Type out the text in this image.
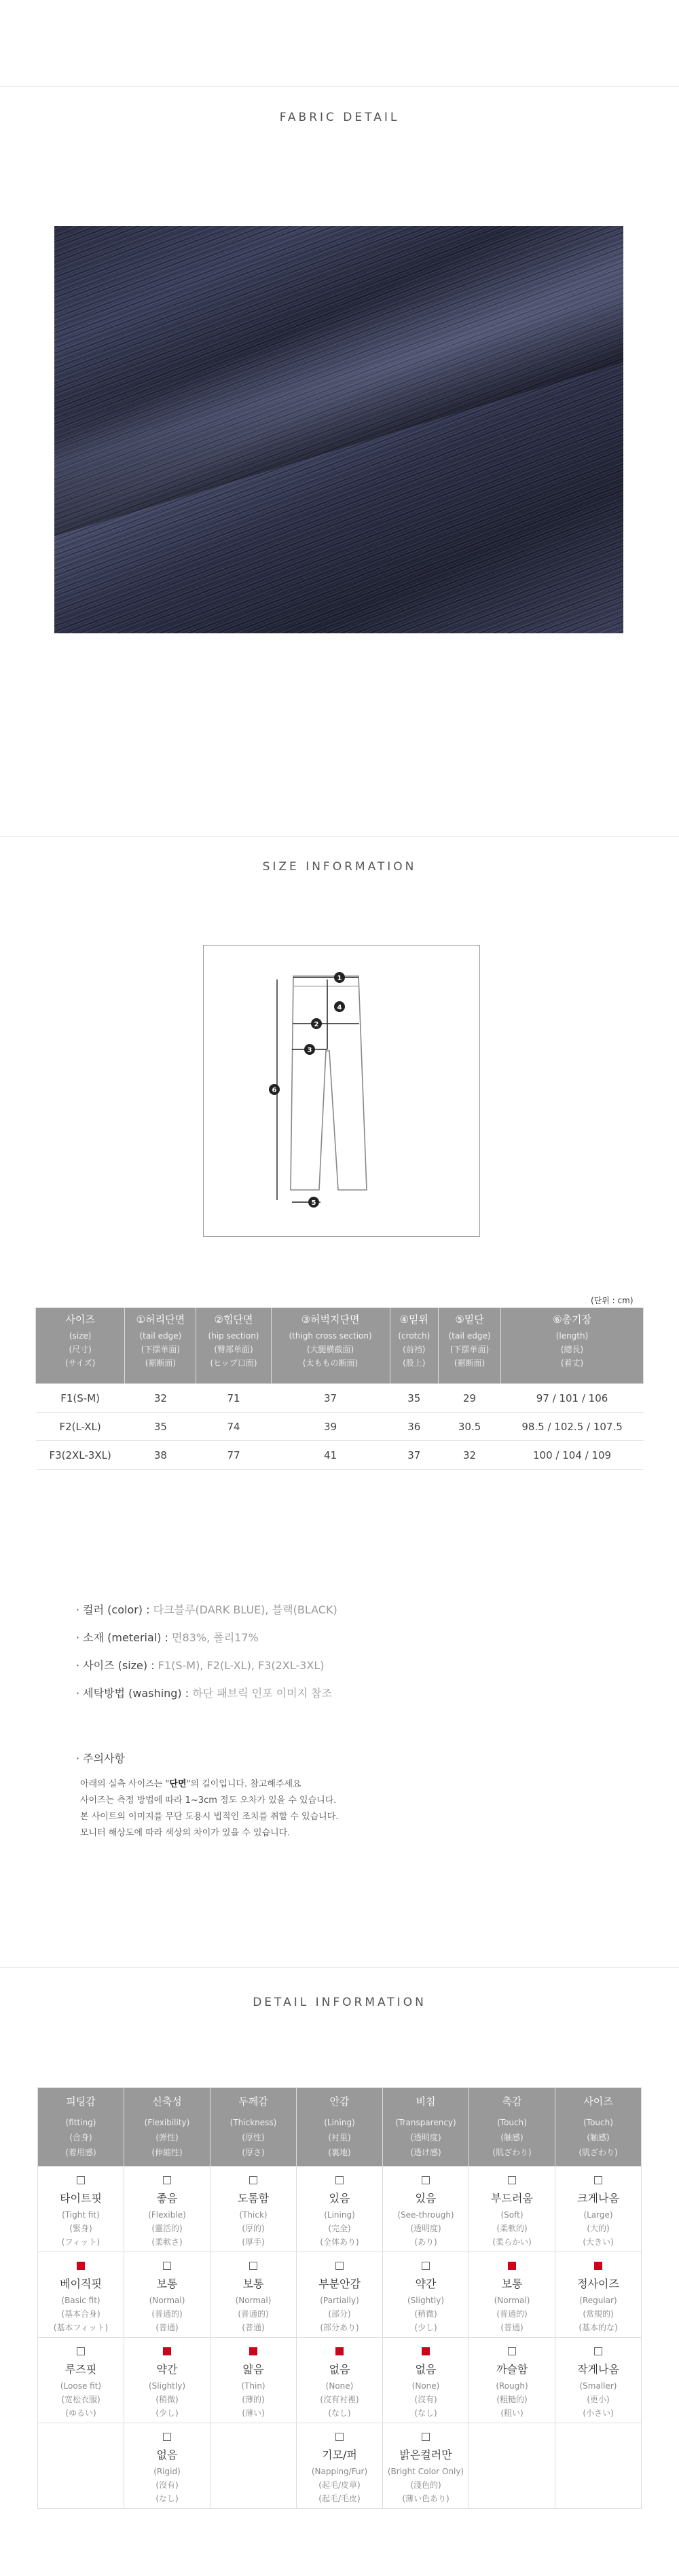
FABRIC DETAIL
SIZE INFORMATION
1
2
3
4
5
6
(단위 : cm)
사이즈
(size)
(尺寸)
(サイズ)	①허리단면
(tail edge)
(下摆单面)
(裾断面)	②힙단면
(hip section)
(臀部单面)
(ヒップ口面)	③허벅지단면
(thigh cross section)
(大腿横截面)
(太ももの断面)	④밑위
(crotch)
(前裆)
(股上)	⑤밑단
(tail edge)
(下摆单面)
(裾断面)	⑥총기장
(length)
(總長)
(着丈)

F1(S-M)	32	71	37	35	29	97 / 101 / 106
F2(L-XL)	35	74	39	36	30.5	98.5 / 102.5 / 107.5
F3(2XL-3XL)	38	77	41	37	32	100 / 104 / 109
· 컬러 (color) : 다크블루(DARK BLUE), 블랙(BLACK)
· 소재 (meterial) : 면83%, 폴리17%
· 사이즈 (size) : F1(S-M), F2(L-XL), F3(2XL-3XL)
· 세탁방법 (washing) : 하단 패브릭 인포 이미지 참조
· 주의사항
아래의 실측 사이즈는 "단면"의 길이입니다. 참고해주세요
사이즈는 측정 방법에 따라 1~3cm 정도 오차가 있을 수 있습니다.
본 사이트의 이미지를 무단 도용시 법적인 조치를 취할 수 있습니다.
모니터 해상도에 따라 색상의 차이가 있을 수 있습니다.
DETAIL INFORMATION
피팅감
(fitting)
(合身)
(着用感)	신축성
(Flexibility)
(弹性)
(伸縮性)	두께감
(Thickness)
(厚性)
(厚さ)	안감
(Lining)
(衬里)
(裏地)	비침
(Transparency)
(透明度)
(透け感)	촉감
(Touch)
(触感)
(肌ざわり)	사이즈
(Touch)
(触感)
(肌ざわり)

타이트핏
(Tight fit)
(緊身)
(フィット)	좋음
(Flexible)
(靈活的)
(柔軟さ)	도톰함
(Thick)
(厚的)
(厚手)	있음
(Lining)
(完全)
(全体あり)	있음
(See-through)
(透明度)
(あり)	부드러움
(Soft)
(柔軟的)
(柔らかい)	크게나옴
(Large)
(大的)
(大きい)

베이직핏
(Basic fit)
(基本合身)
(基本フィット)	보통
(Normal)
(普通的)
(普通)	보통
(Normal)
(普通的)
(普通)	부분안감
(Partially)
(部分)
(部分あり)	약간
(Slightly)
(稍微)
(少し)	보통
(Normal)
(普通的)
(普通)	정사이즈
(Regular)
(常規的)
(基本的な)

루즈핏
(Loose fit)
(宽松衣服)
(ゆるい)	약간
(Slightly)
(稍微)
(少し)	얇음
(Thin)
(薄的)
(薄い)	없음
(None)
(沒有衬裡)
(なし)	없음
(None)
(沒有)
(なし)	까슬함
(Rough)
(粗糙的)
(粗い)	작게나옴
(Smaller)
(更小)
(小さい)

	없음
(Rigid)
(沒有)
(なし)		기모/퍼
(Napping/Fur)
(起毛/皮草)
(起毛/毛皮)	밝은컬러만
(Bright Color Only)
(淺色的)
(薄い色あり)		
